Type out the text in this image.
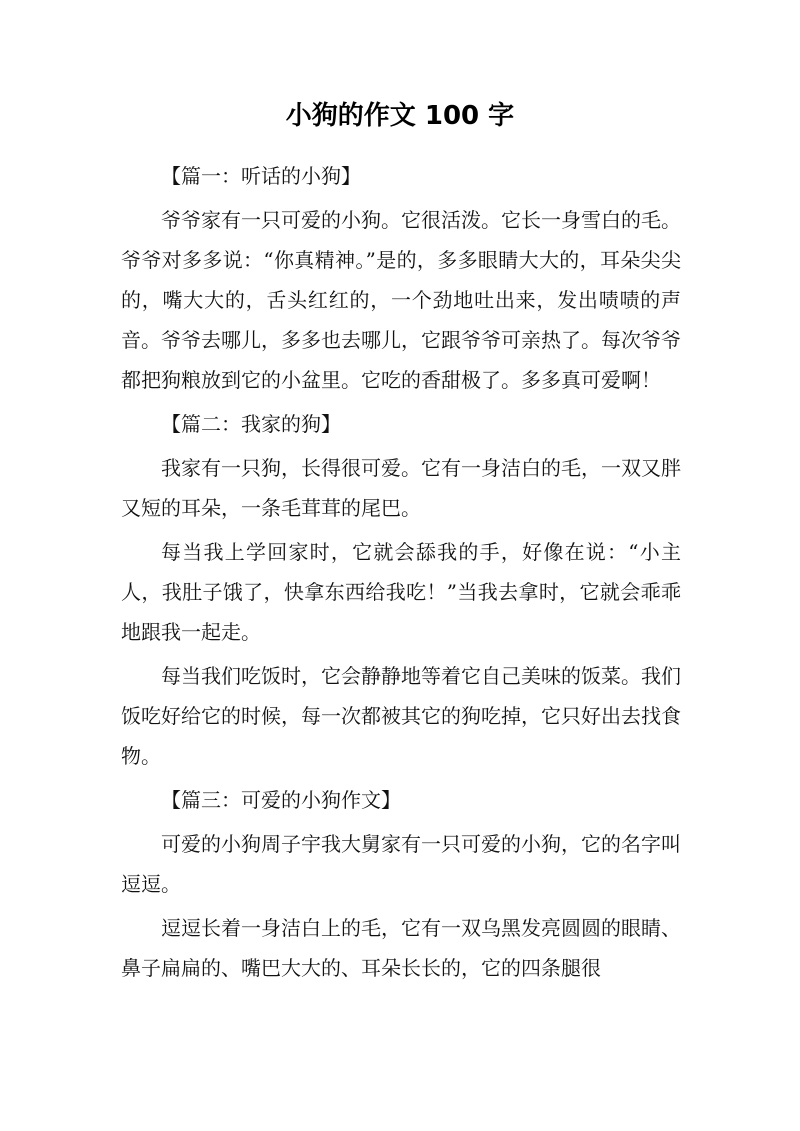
小狗的作文 100 字

【篇一：听话的小狗】

爷爷家有一只可爱的小狗。它很活泼。它长一身雪白的毛。爷爷对多多说：“你真精神。”是的，多多眼睛大大的，耳朵尖尖的，嘴大大的，舌头红红的，一个劲地吐出来，发出啧啧的声音。爷爷去哪儿，多多也去哪儿，它跟爷爷可亲热了。每次爷爷都把狗粮放到它的小盆里。它吃的香甜极了。多多真可爱啊！

【篇二：我家的狗】

我家有一只狗，长得很可爱。它有一身洁白的毛，一双又胖又短的耳朵，一条毛茸茸的尾巴。

每当我上学回家时，它就会舔我的手，好像在说：“小主人，我肚子饿了，快拿东西给我吃！”当我去拿时，它就会乖乖地跟我一起走。

每当我们吃饭时，它会静静地等着它自己美味的饭菜。我们饭吃好给它的时候，每一次都被其它的狗吃掉，它只好出去找食物。

【篇三：可爱的小狗作文】

可爱的小狗周子宇我大舅家有一只可爱的小狗，它的名字叫逗逗。

逗逗长着一身洁白上的毛，它有一双乌黑发亮圆圆的眼睛、鼻子扁扁的、嘴巴大大的、耳朵长长的，它的四条腿很
